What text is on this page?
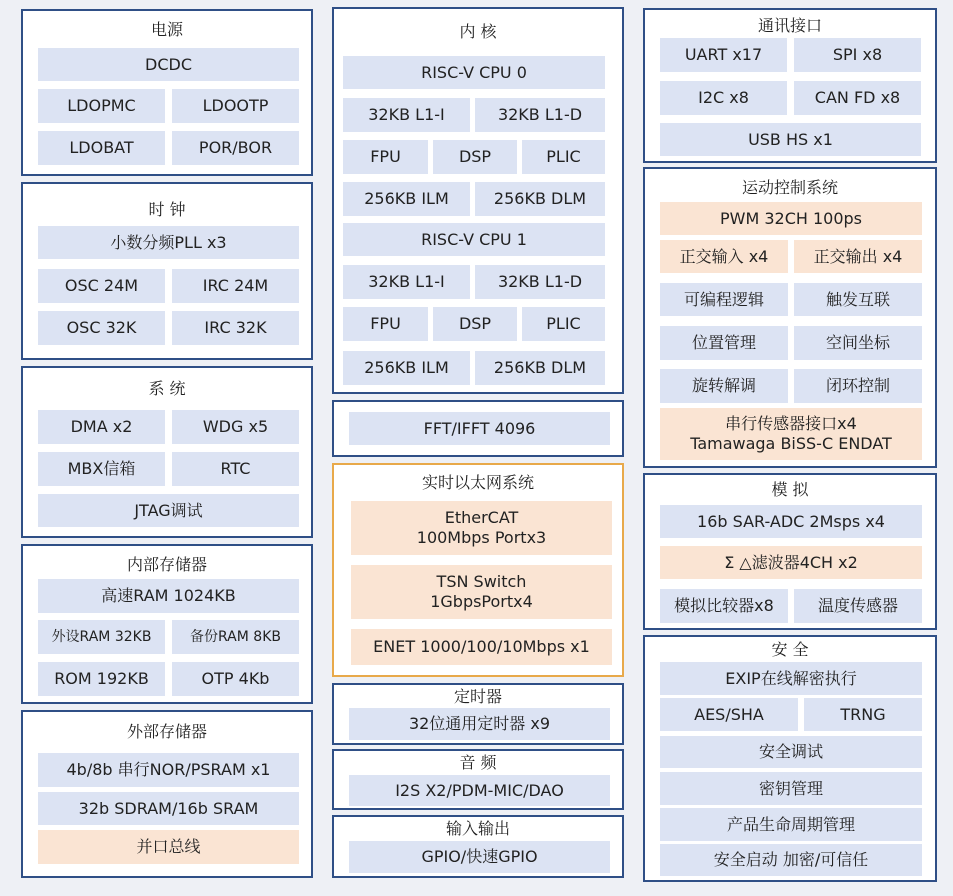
电源
DCDC
LDOPMC	LDOOTP
LDOBAT	POR/BOR
时 钟
小数分频PLL x3
OSC 24M	IRC 24M
OSC 32K	IRC 32K
系 统
DMA x2	WDG x5
MBX信箱	RTC
JTAG调试
内部存储器
高速RAM 1024KB
外设RAM 32KB	备份RAM 8KB
ROM 192KB	OTP 4Kb
外部存储器
4b/8b 串行NOR/PSRAM x1
32b SDRAM/16b SRAM
并口总线
内 核
RISC-V CPU 0
32KB L1-I	32KB L1-D
FPU	DSP	PLIC
256KB ILM	256KB DLM
RISC-V CPU 1
32KB L1-I	32KB L1-D
FPU	DSP	PLIC
256KB ILM	256KB DLM
FFT/IFFT 4096
实时以太网系统
EtherCAT
100Mbps Portx3
TSN Switch
1GbpsPortx4
ENET 1000/100/10Mbps x1
定时器
32位通用定时器 x9
音 频
I2S X2/PDM-MIC/DAO
输入输出
GPIO/快速GPIO
通讯接口
UART x17	SPI x8
I2C x8	CAN FD x8
USB HS x1
运动控制系统
PWM 32CH 100ps
正交输入 x4	正交输出 x4
可编程逻辑	触发互联
位置管理	空间坐标
旋转解调	闭环控制
串行传感器接口x4
Tamawaga BiSS-C ENDAT
模 拟
16b SAR-ADC 2Msps x4
Σ △滤波器4CH x2
模拟比较器x8	温度传感器
安 全
EXIP在线解密执行
AES/SHA	TRNG
安全调试
密钥管理
产品生命周期管理
安全启动 加密/可信任
